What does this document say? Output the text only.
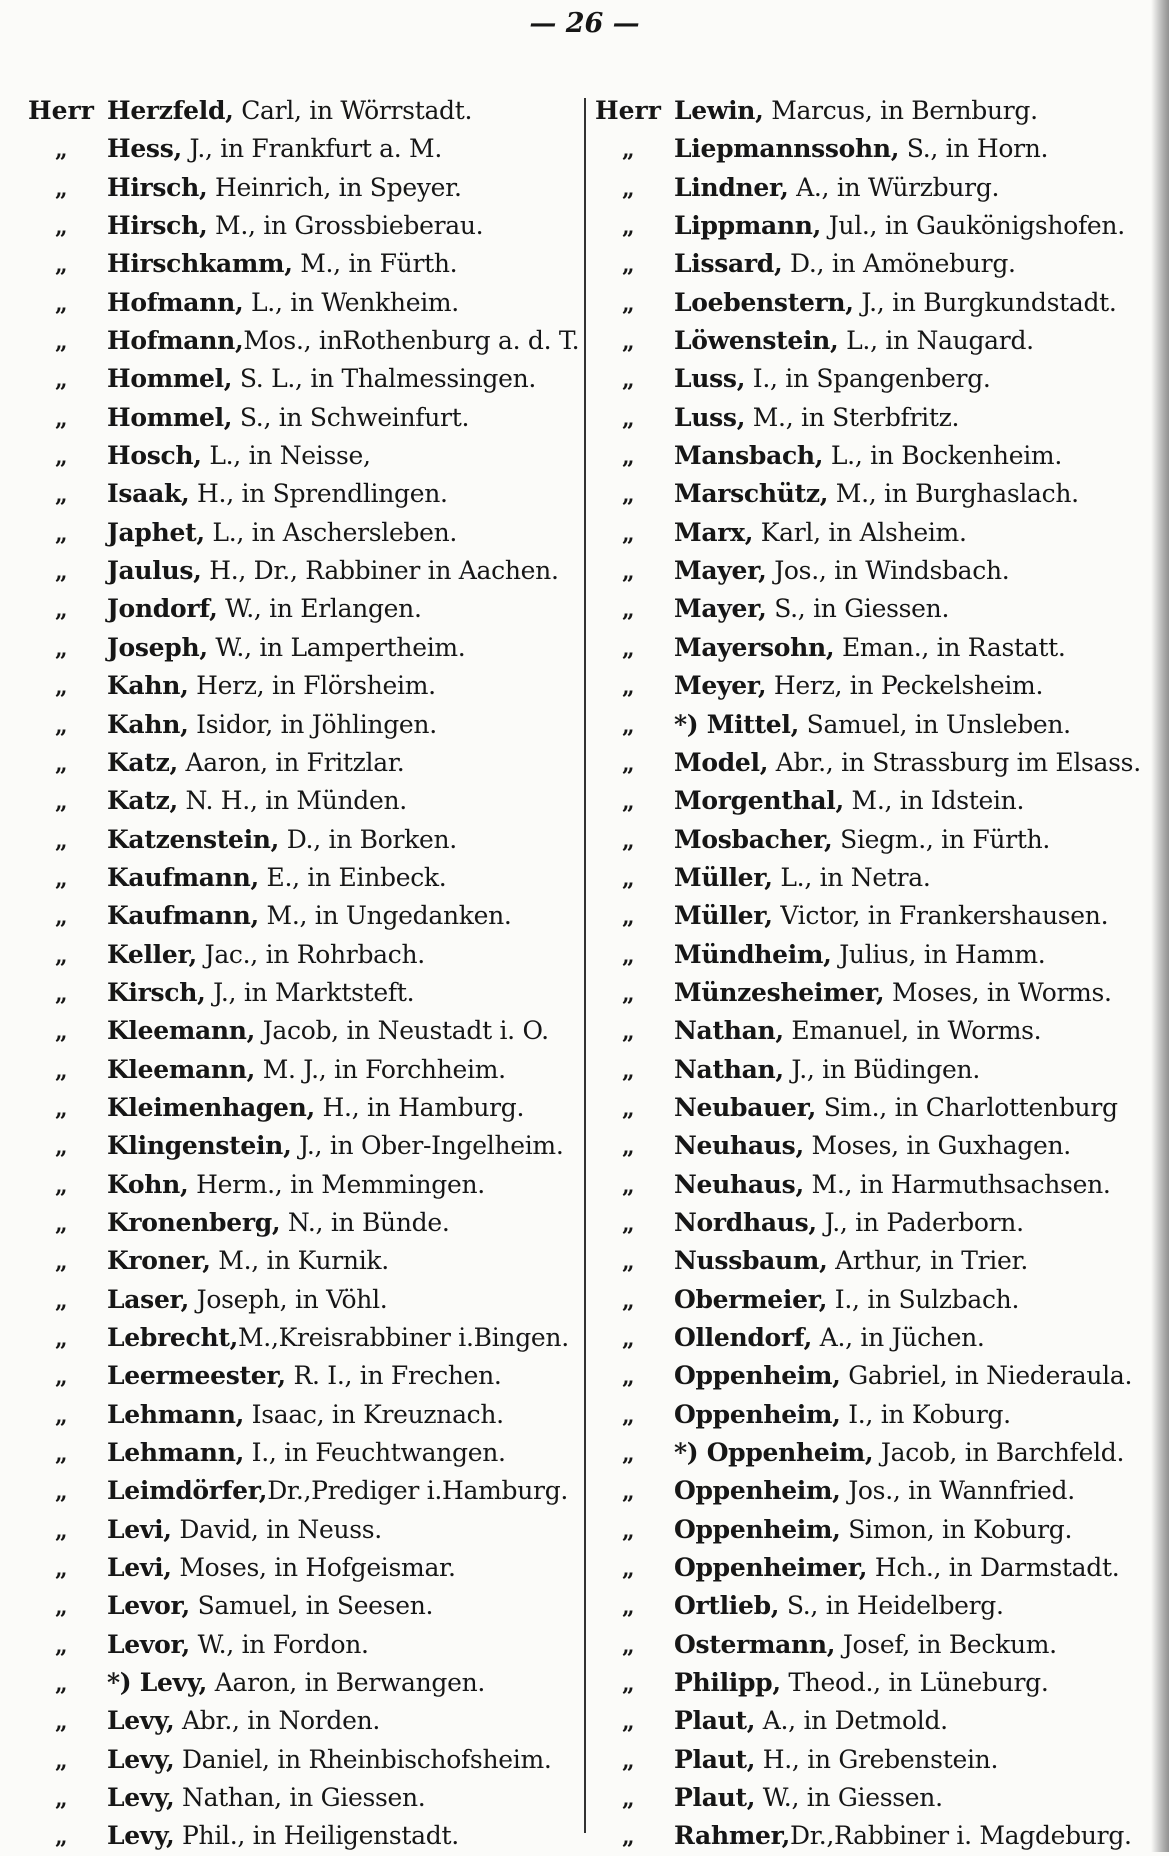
— 26 —
Herr Herzfeld, Carl, in Wörrstadt.
„ Hess, J., in Frankfurt a. M.
„ Hirsch, Heinrich, in Speyer.
„ Hirsch, M., in Grossbieberau.
„ Hirschkamm, M., in Fürth.
„ Hofmann, L., in Wenkheim.
„ Hofmann,Mos., inRothenburg a. d. T.
„ Hommel, S. L., in Thalmessingen.
„ Hommel, S., in Schweinfurt.
„ Hosch, L., in Neisse,
„ Isaak, H., in Sprendlingen.
„ Japhet, L., in Aschersleben.
„ Jaulus, H., Dr., Rabbiner in Aachen.
„ Jondorf, W., in Erlangen.
„ Joseph, W., in Lampertheim.
„ Kahn, Herz, in Flörsheim.
„ Kahn, Isidor, in Jöhlingen.
„ Katz, Aaron, in Fritzlar.
„ Katz, N. H., in Münden.
„ Katzenstein, D., in Borken.
„ Kaufmann, E., in Einbeck.
„ Kaufmann, M., in Ungedanken.
„ Keller, Jac., in Rohrbach.
„ Kirsch, J., in Marktsteft.
„ Kleemann, Jacob, in Neustadt i. O.
„ Kleemann, M. J., in Forchheim.
„ Kleimenhagen, H., in Hamburg.
„ Klingenstein, J., in Ober-Ingelheim.
„ Kohn, Herm., in Memmingen.
„ Kronenberg, N., in Bünde.
„ Kroner, M., in Kurnik.
„ Laser, Joseph, in Vöhl.
„ Lebrecht,M.,Kreisrabbiner i.Bingen.
„ Leermeester, R. I., in Frechen.
„ Lehmann, Isaac, in Kreuznach.
„ Lehmann, I., in Feuchtwangen.
„ Leimdörfer,Dr.,Prediger i.Hamburg.
„ Levi, David, in Neuss.
„ Levi, Moses, in Hofgeismar.
„ Levor, Samuel, in Seesen.
„ Levor, W., in Fordon.
„ *) Levy, Aaron, in Berwangen.
„ Levy, Abr., in Norden.
„ Levy, Daniel, in Rheinbischofsheim.
„ Levy, Nathan, in Giessen.
„ Levy, Phil., in Heiligenstadt.
Herr Lewin, Marcus, in Bernburg.
„ Liepmannssohn, S., in Horn.
„ Lindner, A., in Würzburg.
„ Lippmann, Jul., in Gaukönigshofen.
„ Lissard, D., in Amöneburg.
„ Loebenstern, J., in Burgkundstadt.
„ Löwenstein, L., in Naugard.
„ Luss, I., in Spangenberg.
„ Luss, M., in Sterbfritz.
„ Mansbach, L., in Bockenheim.
„ Marschütz, M., in Burghaslach.
„ Marx, Karl, in Alsheim.
„ Mayer, Jos., in Windsbach.
„ Mayer, S., in Giessen.
„ Mayersohn, Eman., in Rastatt.
„ Meyer, Herz, in Peckelsheim.
„ *) Mittel, Samuel, in Unsleben.
„ Model, Abr., in Strassburg im Elsass.
„ Morgenthal, M., in Idstein.
„ Mosbacher, Siegm., in Fürth.
„ Müller, L., in Netra.
„ Müller, Victor, in Frankershausen.
„ Mündheim, Julius, in Hamm.
„ Münzesheimer, Moses, in Worms.
„ Nathan, Emanuel, in Worms.
„ Nathan, J., in Büdingen.
„ Neubauer, Sim., in Charlottenburg
„ Neuhaus, Moses, in Guxhagen.
„ Neuhaus, M., in Harmuthsachsen.
„ Nordhaus, J., in Paderborn.
„ Nussbaum, Arthur, in Trier.
„ Obermeier, I., in Sulzbach.
„ Ollendorf, A., in Jüchen.
„ Oppenheim, Gabriel, in Niederaula.
„ Oppenheim, I., in Koburg.
„ *) Oppenheim, Jacob, in Barchfeld.
„ Oppenheim, Jos., in Wannfried.
„ Oppenheim, Simon, in Koburg.
„ Oppenheimer, Hch., in Darmstadt.
„ Ortlieb, S., in Heidelberg.
„ Ostermann, Josef, in Beckum.
„ Philipp, Theod., in Lüneburg.
„ Plaut, A., in Detmold.
„ Plaut, H., in Grebenstein.
„ Plaut, W., in Giessen.
„ Rahmer,Dr.,Rabbiner i. Magdeburg.
